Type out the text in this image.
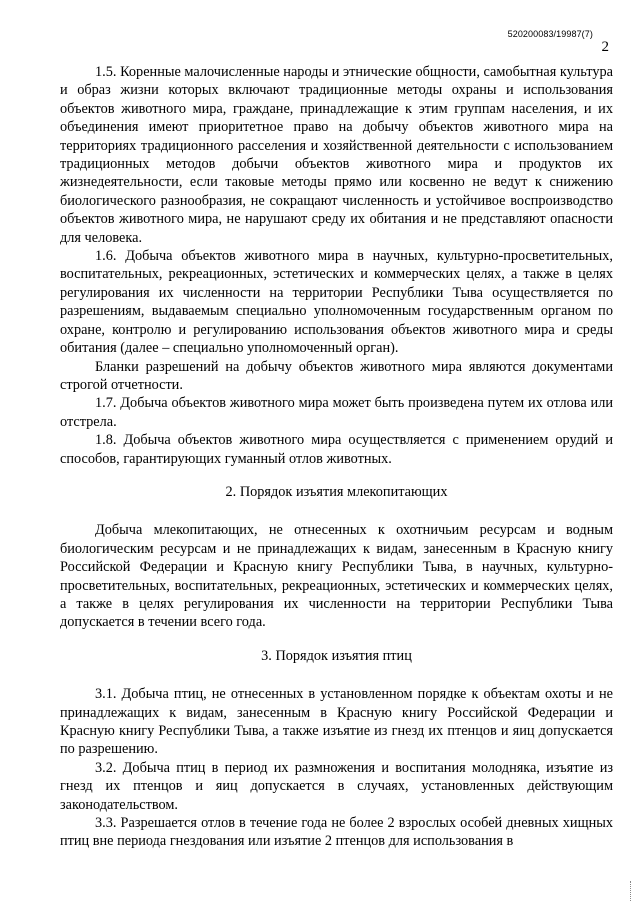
520200083/19987(7)
2

1.5. Коренные малочисленные народы и этнические общности, самобытная культура и образ жизни которых включают традиционные методы охраны и использования объектов животного мира, граждане, принадлежащие к этим группам населения, и их объединения имеют приоритетное право на добычу объектов животного мира на территориях традиционного расселения и хозяйственной деятельности с использованием традиционных методов добычи объектов животного мира и продуктов их жизнедеятельности, если таковые методы прямо или косвенно не ведут к снижению биологического разнообразия, не сокращают численность и устойчивое воспроизводство объектов животного мира, не нарушают среду их обитания и не представляют опасности для человека.

1.6. Добыча объектов животного мира в научных, культурно-просветительных, воспитательных, рекреационных, эстетических и коммерческих целях, а также в целях регулирования их численности на территории Республики Тыва осуществляется по разрешениям, выдаваемым специально уполномоченным государственным органом по охране, контролю и регулированию использования объектов животного мира и среды обитания (далее – специально уполномоченный орган).

Бланки разрешений на добычу объектов животного мира являются документами строгой отчетности.

1.7. Добыча объектов животного мира может быть произведена путем их отлова или отстрела.

1.8. Добыча объектов животного мира осуществляется с применением орудий и способов, гарантирующих гуманный отлов животных.

2. Порядок изъятия млекопитающих

Добыча млекопитающих, не отнесенных к охотничьим ресурсам и водным биологическим ресурсам и не принадлежащих к видам, занесенным в Красную книгу Российской Федерации и Красную книгу Республики Тыва, в научных, культурно-просветительных, воспитательных, рекреационных, эстетических и коммерческих целях, а также в целях регулирования их численности на территории Республики Тыва допускается в течении всего года.

3. Порядок изъятия птиц

3.1. Добыча птиц, не отнесенных в установленном порядке к объектам охоты и не принадлежащих к видам, занесенным в Красную книгу Российской Федерации и Красную книгу Республики Тыва, а также изъятие из гнезд их птенцов и яиц допускается по разрешению.

3.2. Добыча птиц в период их размножения и воспитания молодняка, изъятие из гнезд их птенцов и яиц допускается в случаях, установленных действующим законодательством.

3.3. Разрешается отлов в течение года не более 2 взрослых особей дневных хищных птиц вне периода гнездования или изъятие 2 птенцов для использования в
